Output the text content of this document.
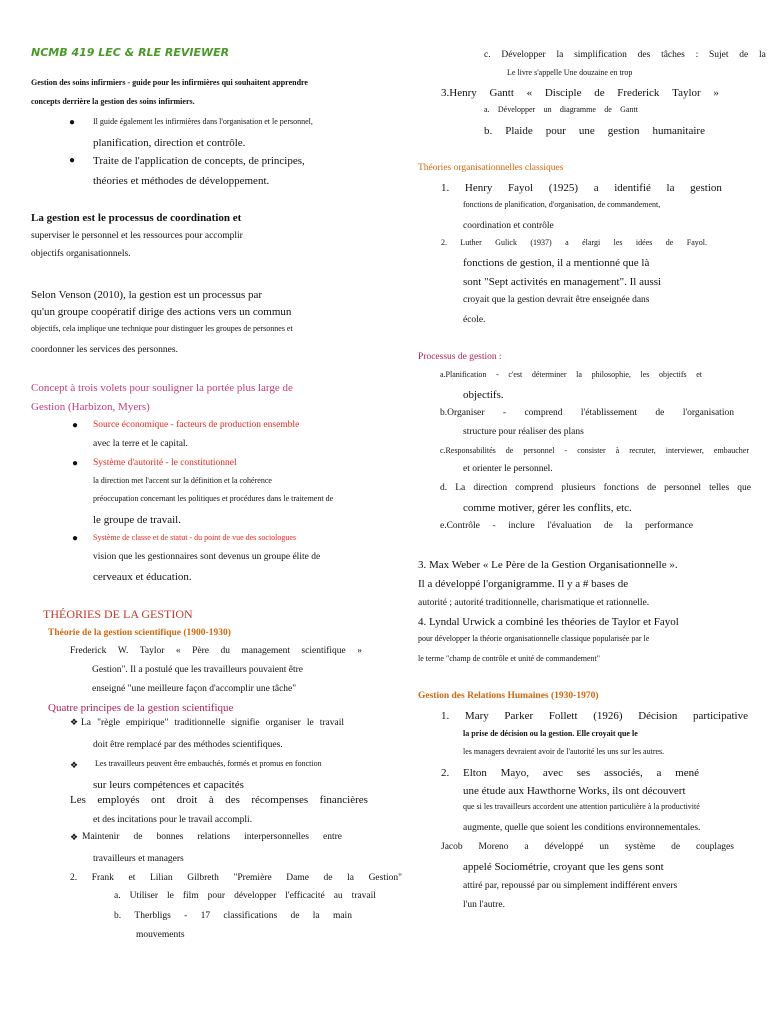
NCMB 419 LEC & RLE REVIEWER
Gestion des soins infirmiers - guide pour les infirmières qui souhaitent apprendre
concepts derrière la gestion des soins infirmiers.
● Il guide également les infirmières dans l'organisation et le personnel,
planification, direction et contrôle.
● Traite de l'application de concepts, de principes,
théories et méthodes de développement.
La gestion est le processus de coordination et
superviser le personnel et les ressources pour accomplir
objectifs organisationnels.
Selon Venson (2010), la gestion est un processus par
qu'un groupe coopératif dirige des actions vers un commun
objectifs, cela implique une technique pour distinguer les groupes de personnes et
coordonner les services des personnes.
Concept à trois volets pour souligner la portée plus large de
Gestion (Harbizon, Myers)
● Source économique - facteurs de production ensemble
avec la terre et le capital.
● Système d'autorité - le constitutionnel
la direction met l'accent sur la définition et la cohérence
préoccupation concernant les politiques et procédures dans le traitement de
le groupe de travail.
● Système de classe et de statut - du point de vue des sociologues
vision que les gestionnaires sont devenus un groupe élite de
cerveaux et éducation.
THÉORIES DE LA GESTION
Théorie de la gestion scientifique (1900-1930)
Frederick W. Taylor « Père du management scientifique »
Gestion". Il a postulé que les travailleurs pouvaient être
enseigné "une meilleure façon d'accomplir une tâche"
Quatre principes de la gestion scientifique
❖ La "règle empirique" traditionnelle signifie organiser le travail
doit être remplacé par des méthodes scientifiques.
❖ Les travailleurs peuvent être embauchés, formés et promus en fonction
sur leurs compétences et capacités
Les employés ont droit à des récompenses financières
et des incitations pour le travail accompli.
❖ Maintenir de bonnes relations interpersonnelles entre
travailleurs et managers
2. Frank et Lilian Gilbreth "Première Dame de la Gestion"
a. Utiliser le film pour développer l'efficacité au travail
b. Therbligs - 17 classifications de la main
mouvements
c. Développer la simplification des tâches : Sujet de la
Le livre s'appelle Une douzaine en trop
3.Henry Gantt « Disciple de Frederick Taylor »
a. Développer un diagramme de Gantt
b. Plaide pour une gestion humanitaire
Théories organisationnelles classiques
1. Henry Fayol (1925) a identifié la gestion
fonctions de planification, d'organisation, de commandement,
coordination et contrôle
2. Luther Gulick (1937) a élargi les idées de Fayol.
fonctions de gestion, il a mentionné que là
sont "Sept activités en management". Il aussi
croyait que la gestion devrait être enseignée dans
école.
Processus de gestion :
a.Planification - c'est déterminer la philosophie, les objectifs et
objectifs.
b.Organiser - comprend l'établissement de l'organisation
structure pour réaliser des plans
c.Responsabilités de personnel - consister à recruter, interviewer, embaucher
et orienter le personnel.
d. La direction comprend plusieurs fonctions de personnel telles que
comme motiver, gérer les conflits, etc.
e.Contrôle - inclure l'évaluation de la performance
3. Max Weber « Le Père de la Gestion Organisationnelle ».
Il a développé l'organigramme. Il y a # bases de
autorité ; autorité traditionnelle, charismatique et rationnelle.
4. Lyndal Urwick a combiné les théories de Taylor et Fayol
pour développer la théorie organisationnelle classique popularisée par le
le terme "champ de contrôle et unité de commandement"
Gestion des Relations Humaines (1930-1970)
1. Mary Parker Follett (1926) Décision participative
la prise de décision ou la gestion. Elle croyait que le
les managers devraient avoir de l'autorité les uns sur les autres.
2. Elton Mayo, avec ses associés, a mené
une étude aux Hawthorne Works, ils ont découvert
que si les travailleurs accordent une attention particulière à la productivité
augmente, quelle que soient les conditions environnementales.
Jacob Moreno a développé un système de couplages
appelé Sociométrie, croyant que les gens sont
attiré par, repoussé par ou simplement indifférent envers
l'un l'autre.
